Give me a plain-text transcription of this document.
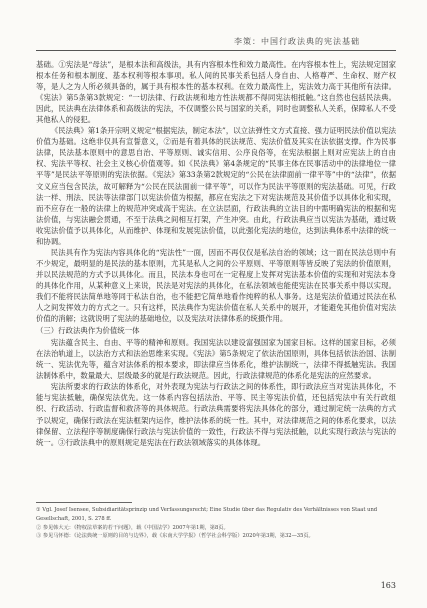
李策：中国行政法典的宪法基础

基础。①宪法是“母法”，是根本法和高级法，具有内容根本性和效力最高性。在内容根本性上，宪法规定国家根本任务和根本制度、基本权利等根本事项。私人间的民事关系包括人身自由、人格尊严、生命权、财产权等，是人之为人所必须具备的，属于具有根本性的基本权利。在效力最高性上，宪法效力高于其他所有法律。《宪法》第5条第3款规定：“一切法律、行政法规和地方性法规都不得同宪法相抵触。”这自然也包括民法典。因此，民法典在法律体系和高级法的宪法，不仅调整公民与国家的关系，同时也调整私人关系，保障私人不受其他私人的侵犯。

《民法典》第1条开宗明义规定“根据宪法，制定本法”，以立法弹性文方式直接、强力证明民法价值以宪法价值为基础。这绝非仅具有宣誓意义，②而是有着具体的民法规范、宪法价值及其实在法依据支撑。作为民事法律，民法基本原则中的意思自治、平等原则、诚实信用、公序良俗等，在宪法根据上则对应宪法上的自由权、宪法平等权、社会主义核心价值观等。如《民法典》第4条规定的“民事主体在民事活动中的法律地位一律平等”是民法平等原则的宪法依据。《宪法》第33条第2款规定的“公民在法律面前一律平等”中的“法律”，依据文义应当包含民法，故可解释为“公民在民法面前一律平等”，可以作为民法平等原则的宪法基础。可见，行政法一样、刑法、民法等法律部门以宪法价值为根据，都应在宪法之下对宪法规范及其价值予以具体化和实现，而不应存在一般的法律上的规范冲突或高于宪法。在立法层面，行政法典的立法目的中需明确宪法的根据和宪法价值，与宪法融会贯通，不至于法典之间相互打架，产生冲突。由此，行政法典应当以宪法为基础，通过吸收宪法价值予以具体化，从而维护、体现和发展宪法价值，以此强化宪法的地位，达到法典体系中法律的统一和协调。

民法具有作为宪法内容具体化的“宪法性”一面，因而不再仅仅是私法自治的领域；这一面在民法总则中有不少规定，最明显的是民法的基本原则，尤其是私人之间的公平原则、平等原则等皆反映了宪法的价值原则，并以民法规范的方式予以具体化。而且，民法本身也可在一定程度上发挥对宪法基本价值的实现和对宪法本身的具体化作用，从某种意义上来说，民法是对宪法的具体化，在私法领域也能使宪法在民事关系中得以实现。我们不能将民法简单地等同于私法自治，也不能把它简单地看作纯粹的私人事务。这是宪法价值通过民法在私人之间发挥效力的方式之一。只有这样，民法典作为宪法价值在私人关系中的展开，才能避免其他价值对宪法价值的消解；这就说明了宪法的基础地位，以及宪法对法律体系的统摄作用。

（三）行政法典作为价值统一体

宪法蕴含民主、自由、平等的精神和原则。我国宪法以建设富强国家为国家目标。这样的国家目标，必须在法治轨道上，以法治方式和法治思维来实现。《宪法》第5条规定了依法治国原则，具体包括依法治国、法制统一、宪法优先等，蕴含对法体系的根本要求，即法律应当体系化，维护法制统一，法律不得抵触宪法。我国法制体系中，数量最大、层级最多的就是行政法规范。因此，行政法律规范的体系化是宪法的应然要求。

宪法所要求的行政法的体系化，对外表现为宪法与行政法之间的体系性，即行政法应当对宪法具体化，不能与宪法抵触，确保宪法优先。这一体系内容包括法治、平等、民主等宪法价值，还包括宪法中有关行政组织、行政活动、行政监督和救济等的具体规范。行政法典需要将宪法具体化的部分，通过制定统一法典的方式予以规定，确保行政法在宪法框架内运作，维护法体系的统一性。其中，对法律规范之间的体系化要求，以法律保留、立法程序等制度确保行政法与宪法价值的一致性，行政法不得与宪法抵触，以此实现行政法与宪法的统一。③行政法典中的原则规定是宪法在行政法领域落实的具体体现。

① Vgl. Josef Isensee, Subsidiaritätsprinzip und Verfassungsrecht; Eine Studie über das Regulativ des Verhältnisses von Staat und Gesellschaft, 2001, S. 278 ff.

② 参见韩大元：《物权法草案的若干问题》，载《中国法学》2007年第1期，第8页。

③ 参见马怀德：《论法典统一原则的目的与边界》，载《东南大学学报》（哲学社会科学版）2020年第3期，第32—35页。

163
